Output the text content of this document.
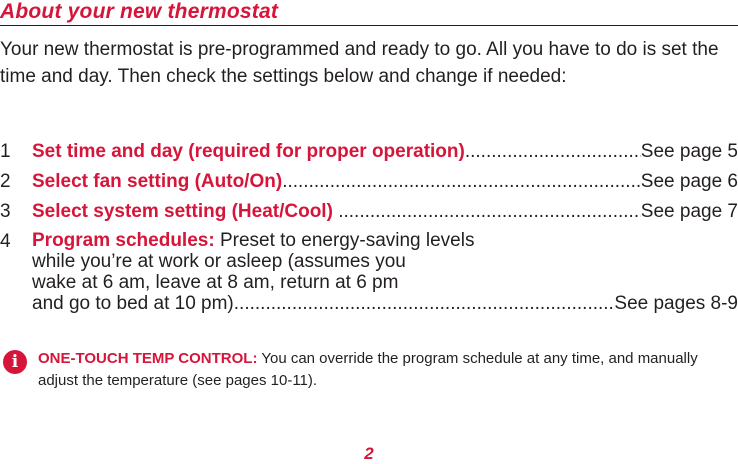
About your new thermostat
Your new thermostat is pre-programmed and ready to go. All you have to do is set the time and day. Then check the settings below and change if needed:
1 Set time and day (required for proper operation) .....	See page 5
2 Select fan setting (Auto/On) .....	See page 6
3 Select system setting (Heat/Cool) .....	See page 7
4 Program schedules: Preset to energy-saving levels
while you’re at work or asleep (assumes you
wake at 6 am, leave at 8 am, return at 6 pm
and go to bed at 10 pm) .....	See pages 8-9
i	ONE-TOUCH TEMP CONTROL: You can override the program schedule at any time, and manually adjust the temperature (see pages 10-11).
2
